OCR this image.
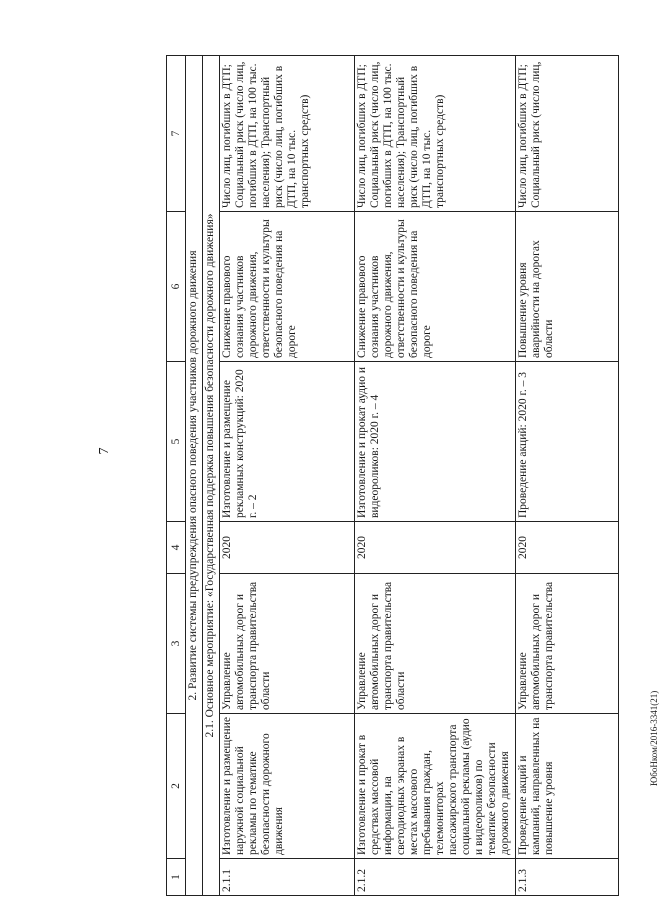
7
ЮбоНком/2016-3341(21)
1	2	3	4	5	6	7
2. Развитие системы предупреждения опасного поведения участников дорожного движения						
2.1. Основное мероприятие: «Государственная поддержка повышения безопасности дорожного движения»						
2.1.1	Изготовление и размещение наружной социальной рекламы по тематике безопасности дорожного движения	Управление автомобильных дорог и транспорта правительства области	2020	Изготовление и размещение рекламных конструкций: 2020 г. – 2	Снижение правового сознания участников дорожного движения, ответственности и культуры безопасного поведения на дороге	Число лиц, погибших в ДТП; Социальный риск (число лиц, погибших в ДТП, на 100 тыс. населения); Транспортный риск (число лиц, погибших в ДТП, на 10 тыс. транспортных средств)
2.1.2	Изготовление и прокат в средствах массовой информации, на светодиодных экранах в местах массового пребывания граждан, телемониторах пассажирского транспорта социальной рекламы (аудио и видеороликов) по тематике безопасности дорожного движения	Управление автомобильных дорог и транспорта правительства области	2020	Изготовление и прокат аудио и видеороликов: 2020 г. – 4	Снижение правового сознания участников дорожного движения, ответственности и культуры безопасного поведения на дороге	Число лиц, погибших в ДТП; Социальный риск (число лиц, погибших в ДТП, на 100 тыс. населения); Транспортный риск (число лиц, погибших в ДТП, на 10 тыс. транспортных средств)
2.1.3	Проведение акций и кампаний, направленных на повышение уровня	Управление автомобильных дорог и транспорта правительства	2020	Проведение акций: 2020 г. – 3	Повышение уровня аварийности на дорогах области	Число лиц, погибших в ДТП; Социальный риск (число лиц,
